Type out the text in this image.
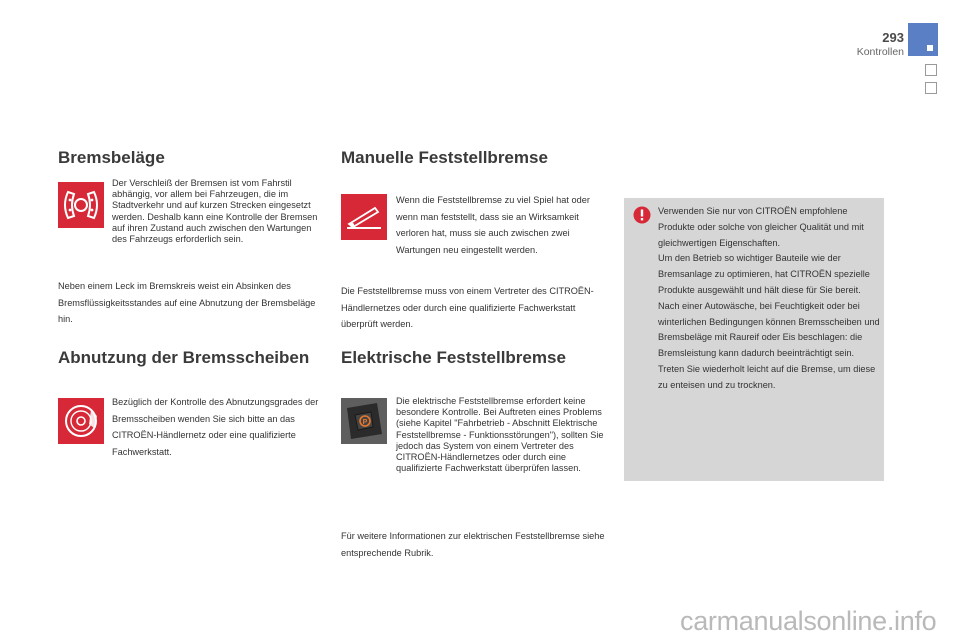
293
Kontrollen
Bremsbeläge
Der Verschleiß der Bremsen ist vom Fahrstil abhängig, vor allem bei Fahrzeugen, die im Stadtverkehr und auf kurzen Strecken eingesetzt werden. Deshalb kann eine Kontrolle der Bremsen auf ihren Zustand auch zwischen den Wartungen des Fahrzeugs erforderlich sein.
Neben einem Leck im Bremskreis weist ein Absinken des Bremsflüssigkeitsstandes auf eine Abnutzung der Bremsbeläge hin.
Abnutzung der Bremsscheiben
Bezüglich der Kontrolle des Abnutzungsgrades der Bremsscheiben wenden Sie sich bitte an das CITROËN-Händlernetz oder eine qualifizierte Fachwerkstatt.
Manuelle Feststellbremse
Wenn die Feststellbremse zu viel Spiel hat oder wenn man feststellt, dass sie an Wirksamkeit verloren hat, muss sie auch zwischen zwei Wartungen neu eingestellt werden.
Die Feststellbremse muss von einem Vertreter des CITROËN-Händlernetzes oder durch eine qualifizierte Fachwerkstatt überprüft werden.
Elektrische Feststellbremse
P
Die elektrische Feststellbremse erfordert keine besondere Kontrolle. Bei Auftreten eines Problems (siehe Kapitel "Fahrbetrieb - Abschnitt Elektrische Feststellbremse - Funktionsstörungen"), sollten Sie jedoch das System von einem Vertreter des CITROËN-Händlernetzes oder durch eine qualifizierte Fachwerkstatt überprüfen lassen.
Für weitere Informationen zur elektrischen Feststellbremse siehe entsprechende Rubrik.
Verwenden Sie nur von CITROËN empfohlene Produkte oder solche von gleicher Qualität und mit gleichwertigen Eigenschaften.
Um den Betrieb so wichtiger Bauteile wie der Bremsanlage zu optimieren, hat CITROËN spezielle Produkte ausgewählt und hält diese für Sie bereit.
Nach einer Autowäsche, bei Feuchtigkeit oder bei winterlichen Bedingungen können Bremsscheiben und Bremsbeläge mit Raureif oder Eis beschlagen: die Bremsleistung kann dadurch beeinträchtigt sein. Treten Sie wiederholt leicht auf die Bremse, um diese zu enteisen und zu trocknen.
carmanualsonline.info
